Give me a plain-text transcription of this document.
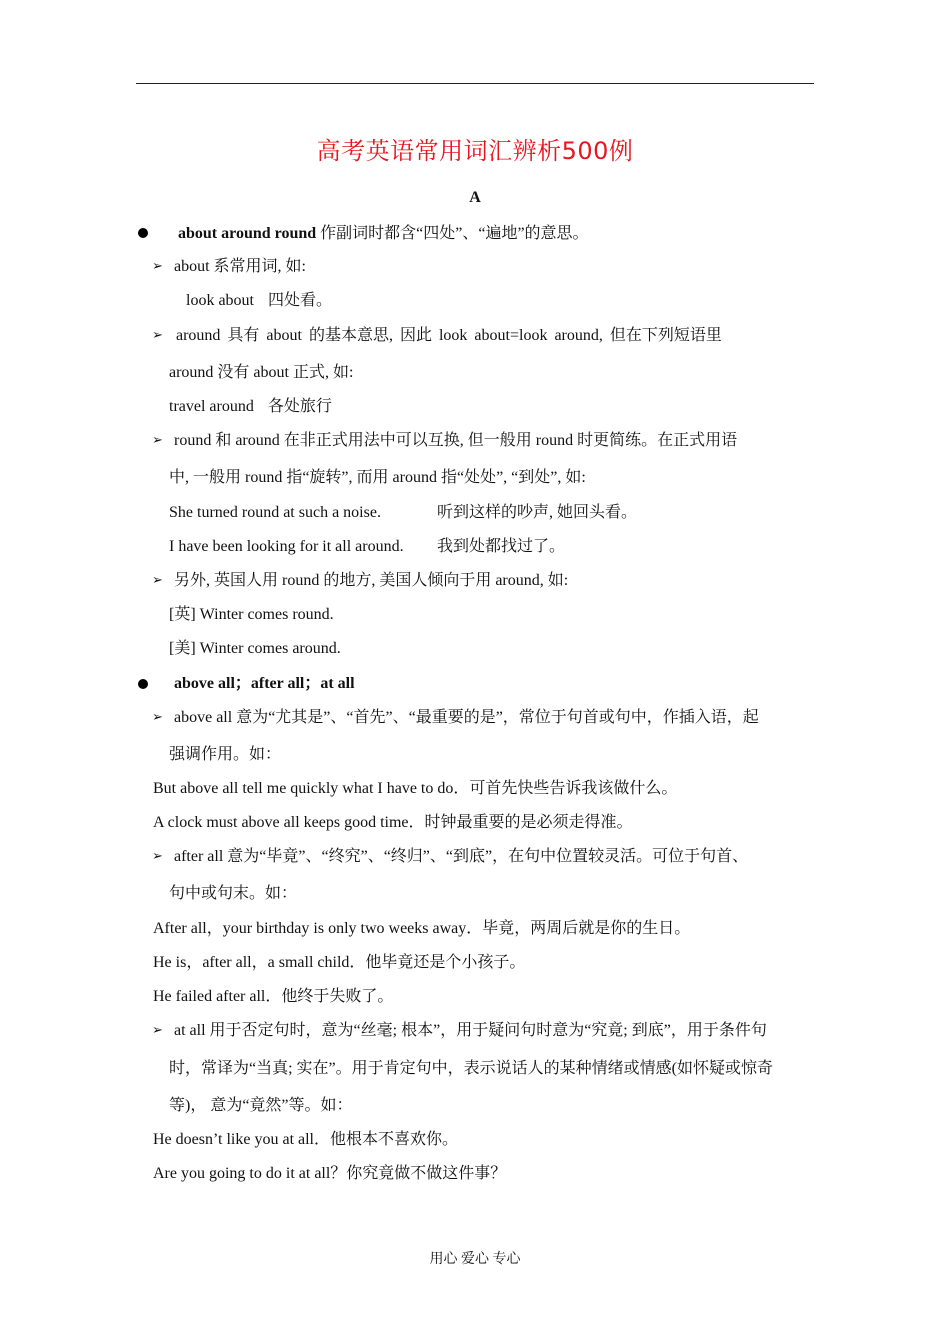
高考英语常用词汇辨析500例
A
about around round 作副词时都含“四处”、“遍地”的意思。
➢ about 系常用词, 如:
look about 四处看。
➢ around 具有 about 的基本意思, 因此 look about=look around, 但在下列短语里
around 没有 about 正式, 如:
travel around 各处旅行
➢ round 和 around 在非正式用法中可以互换, 但一般用 round 时更简练。在正式用语
中, 一般用 round 指“旋转”, 而用 around 指“处处”, “到处”, 如:
She turned round at such a noise.	听到这样的吵声, 她回头看。
I have been looking for it all around. 我到处都找过了。
➢ 另外, 英国人用 round 的地方, 美国人倾向于用 around, 如:
[英] Winter comes round.
[美] Winter comes around.
above all；after all；at all
➢ above all 意为“尤其是”、“首先”、“最重要的是”，常位于句首或句中，作插入语，起
强调作用。如：
But above all tell me quickly what I have to do．可首先快些告诉我该做什么。
A clock must above all keeps good time．时钟最重要的是必须走得准。
➢ after all 意为“毕竟”、“终究”、“终归”、“到底”，在句中位置较灵活。可位于句首、
句中或句末。如：
After all，your birthday is only two weeks away．毕竟，两周后就是你的生日。
He is，after all，a small child．他毕竟还是个小孩子。
He failed after all．他终于失败了。
➢ at all 用于否定句时，意为“丝毫; 根本”，用于疑问句时意为“究竟; 到底”，用于条件句
时，常译为“当真; 实在”。用于肯定句中，表示说话人的某种情绪或情感(如怀疑或惊奇
等)， 意为“竟然”等。如：
He doesn’t like you at all．他根本不喜欢你。
Are you going to do it at all？你究竟做不做这件事？
用心 爱心 专心
